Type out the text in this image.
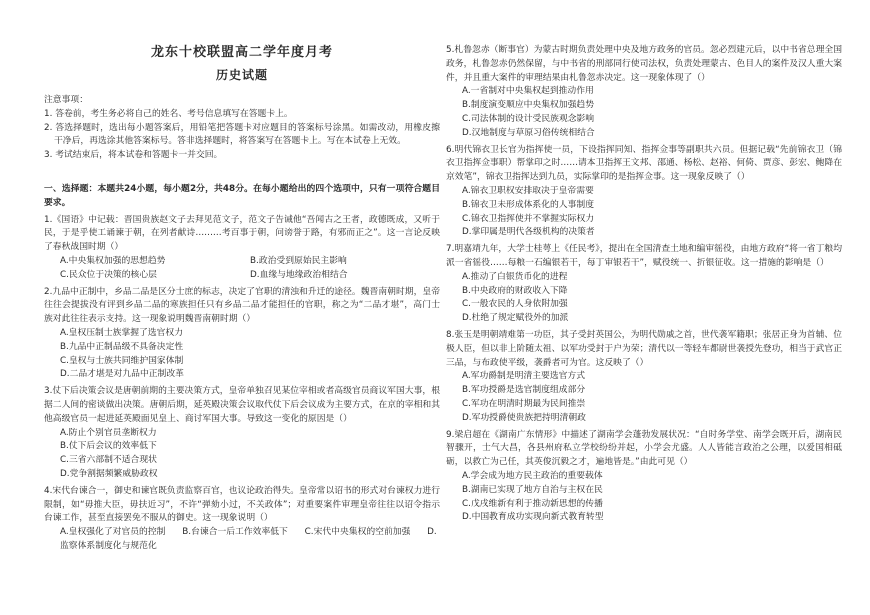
龙东十校联盟高二学年度月考
历史试题
注意事项：
1. 答卷前，考生务必将自己的姓名、考号信息填写在答题卡上。
2. 答选择题时，选出每小题答案后，用铅笔把答题卡对应题目的答案标号涂黑。如需改动，用橡皮擦干净后，再选涂其他答案标号。答非选择题时，将答案写在答题卡上。写在本试卷上无效。
3. 考试结束后，将本试卷和答题卡一并交回。
一、选择题：本题共24小题，每小题2分，共48分。在每小题给出的四个选项中，只有一项符合题目要求。
1.《国语》中记载：晋国贵族赵文子去拜见范文子，范文子告诫他“吾闻古之王者，政德既成，又听于民，于是乎使工诵谏于朝，在列者献诗………考百事于朝，问谤誉于路，有邪而正之”。这一言论反映了春秋战国时期（）
A.中央集权加强的思想趋势	B.政治受到原始民主影响
C.民众位于决策的核心层	D.血缘与地缘政治相结合
2.九品中正制中，乡品二品是区分士庶的标志，决定了官职的清浊和升迁的途径。魏晋南朝时期，皇帝往往会提拔没有评到乡品二品的寒族担任只有乡品二品才能担任的官职，称之为“二品才堪”，高门士族对此往往表示支持。这一现象说明魏晋南朝时期（）
A.皇权压制士族掌握了选官权力
B.九品中正制品级不具备决定性
C.皇权与士族共同维护国家体制
D.二品才堪是对九品中正制改革
3.仗下后决策会议是唐朝前期的主要决策方式，皇帝单独召见某位宰相或者高级官员商议军国大事，根据二人间的密谈做出决策。唐朝后期，延英殿决策会议取代仗下后会议成为主要方式，在京的宰相和其他高级官员一起进延英殿面见皇上、商讨军国大事。导致这一变化的原因是（）
A.防止个别官员垄断权力
B.仗下后会议的效率低下
C.三省六部制不适合现状
D.党争割据频繁威胁政权
4.宋代台谏合一，御史和谏官既负责监察百官，也议论政治得失。皇帝常以诏书的形式对台谏权力进行限制，如“毋推大臣，毋扶近习”，不许“弹劾小过，不关政体”；对重要案件审理皇帝往往以诏令指示台谏工作，甚至直接罢免不服从的御史。这一现象说明（）
A.皇权强化了对官员的控制 B.台谏合一后工作效率低下 C.宋代中央集权的空前加强 D.监察体系制度化与规范化
5.札鲁忽赤（断事官）为蒙古时期负责处理中央及地方政务的官员。忽必烈建元后，以中书省总理全国政务，札鲁忽赤仍然保留，与中书省的刑部同行使司法权，负责处理蒙古、色目人的案件及汉人重大案件，并且重大案件的审理结果由札鲁忽赤决定。这一现象体现了（）
A.一省制对中央集权起到推动作用
B.制度演变顺应中央集权加强趋势
C.司法体制的设计受民族观念影响
D.汉地制度与草原习俗传统相结合
6.明代锦衣卫长官为指挥使一员，下设指挥同知、指挥佥事等副职共六员。但据记载“先前锦衣卫（锦衣卫指挥佥事职）帮掌印之时……请本卫指挥王文邦、邵通、杨松、赵裕、何倚、贾彦、彭宏、鲍降在京效笔”，锦衣卫指挥达到九员，实际掌印的是指挥佥事。这一现象反映了（）
A.锦衣卫职权安排取决于皇帝需要
B.锦衣卫未形成体系化的人事制度
C.锦衣卫指挥使并不掌握实际权力
D.掌印属是明代各级机构的决策者
7.明嘉靖九年，大学士桂萼上《任民考》，提出在全国清查土地和编审徭役，由地方政府“将一省丁粮均派一省徭役……每粮一石编银若干，每丁审银若干”，赋役统一、折银征收。这一措施的影响是（）
A.推动了白银货币化的进程
B.中央政府的财政收入下降
C.一般农民的人身依附加强
D.杜绝了规定赋役外的加派
8.张玉是明朝靖难第一功臣，其子受封英国公，为明代勋戚之首，世代袭军籍职；张居正身为首辅、位极人臣，但以非上阶随太祖、以军功受封于户为荣；清代以一等轻车都尉世袭授先登功，相当于武官正三品，与布政使平级，袭爵者可为官。这反映了（）
A.军功爵制是明清主要选官方式
B.军功授爵是选官制度组成部分
C.军功在明清时期最为民间推崇
D.军功授爵使贵族把持明清朝政
9.梁启超在《湖南广东情形》中描述了湖南学会蓬勃发展状况：“自时务学堂、南学会既开后，湖南民智骤开，士气大昌，各县州府私立学校纷纷并起，小学会尤盛。人人皆能言政治之公理，以爱国相砥砺，以救亡为己任，其英俊沉毅之才，遍地皆是。”由此可见（）
A.学会成为地方民主政治的重要载体
B.湖南已实现了地方自治与主权在民
C.戊戌维新有利于推动新思想的传播
D.中国教育成功实现向新式教育转型
